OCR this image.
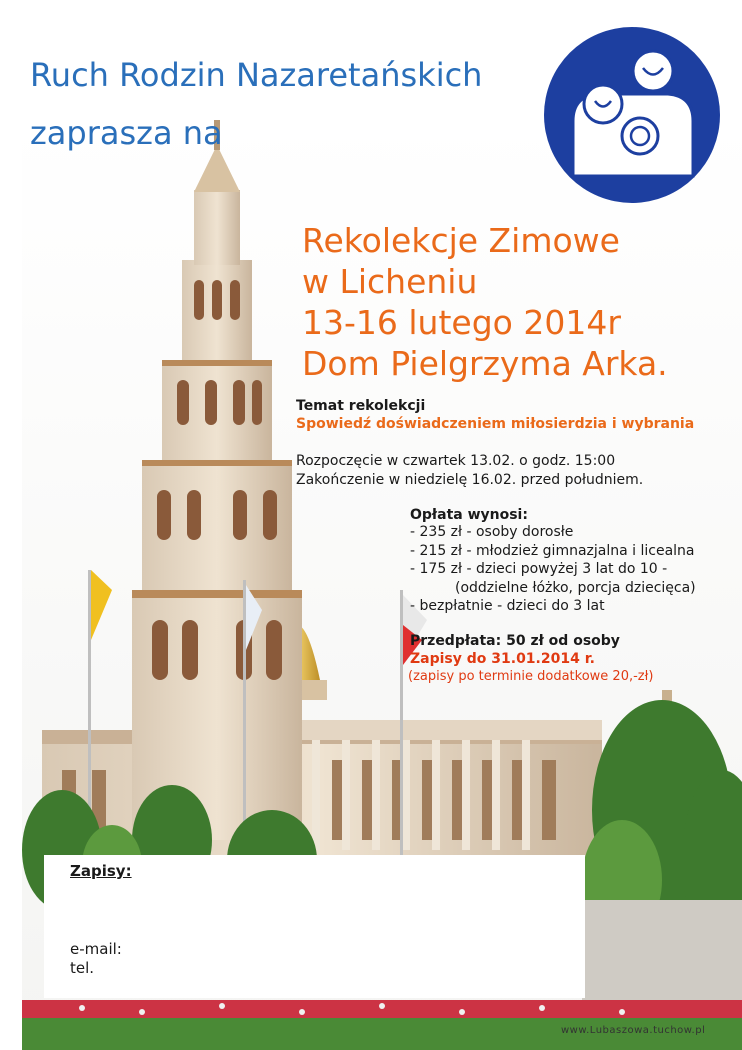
Ruch Rodzin Nazaretańskich
zaprasza na
Rekolekcje Zimowe
w Licheniu
13-16 lutego 2014r
Dom Pielgrzyma Arka.
Temat rekolekcji
Spowiedź doświadczeniem miłosierdzia i wybrania
Rozpoczęcie w czwartek 13.02. o godz. 15:00
Zakończenie w niedzielę 16.02. przed południem.
Opłata wynosi:
- 235 zł - osoby dorosłe
- 215 zł - młodzież gimnazjalna i licealna
- 175 zł - dzieci powyżej 3 lat do 10 -
(oddzielne łóżko, porcja dziecięca)
- bezpłatnie - dzieci do 3 lat
Przedpłata: 50 zł od osoby
Zapisy do 31.01.2014 r.
(zapisy po terminie dodatkowe 20,-zł)
Zapisy:
e-mail:
tel.
www.Lubaszowa.tuchow.pl
